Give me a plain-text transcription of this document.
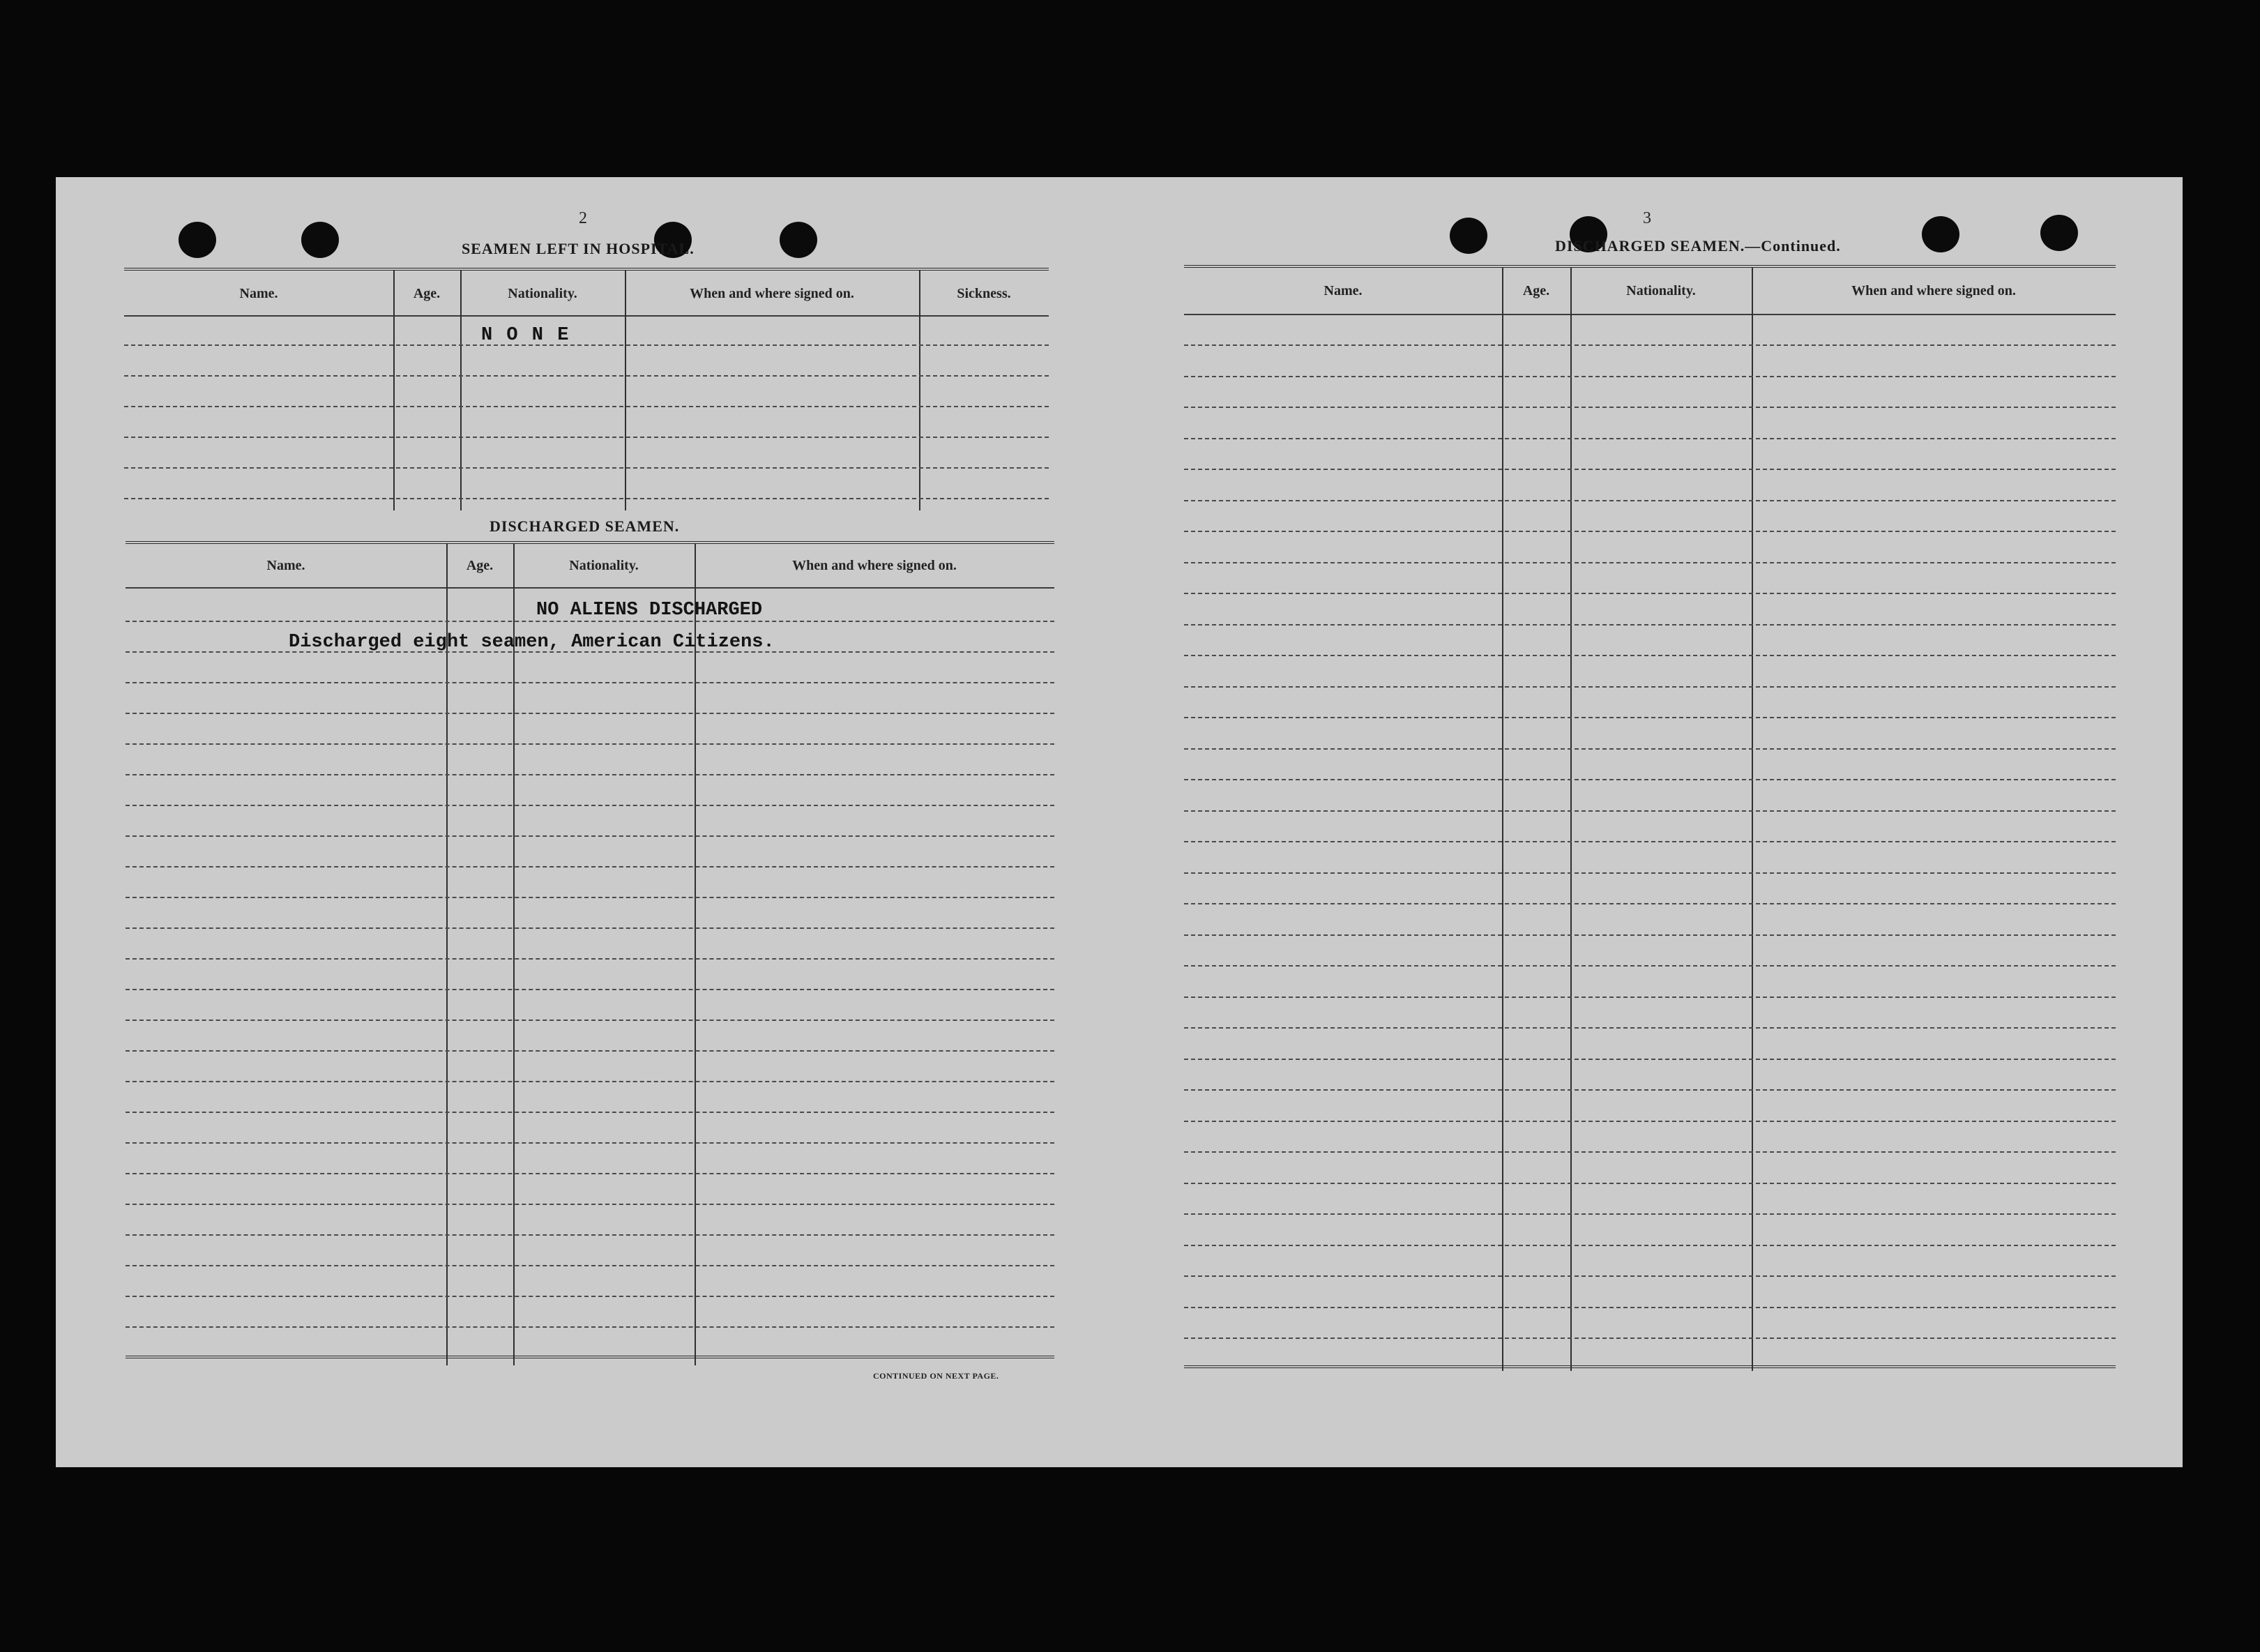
2
SEAMEN LEFT IN HOSPITAL.
Name.	Age.	Nationality.	When and where signed on.	Sickness.
N O N E
DISCHARGED SEAMEN.
Name.	Age.	Nationality.	When and where signed on.
NO ALIENS DISCHARGED
Discharged eight seamen, American Citizens.
CONTINUED ON NEXT PAGE.
3
DISCHARGED SEAMEN.—Continued.
Name.	Age.	Nationality.	When and where signed on.
